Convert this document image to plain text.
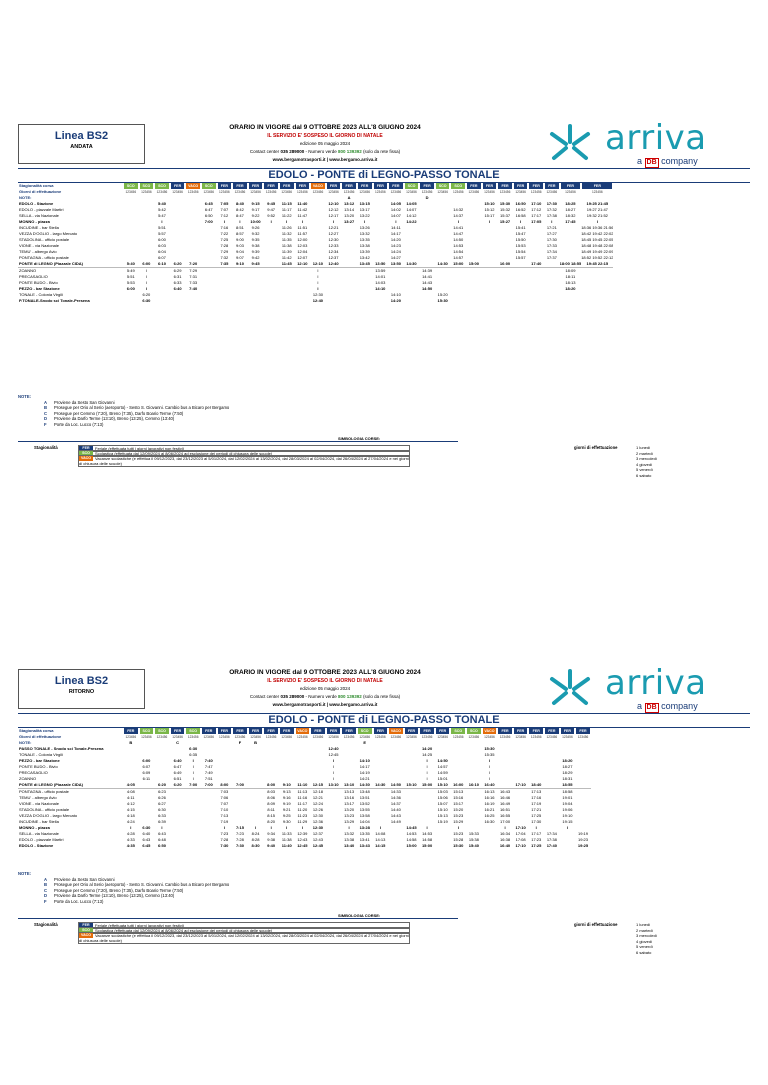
Linea BS2
ANDATA
ORARIO IN VIGORE dal 9 OTTOBRE 2023 ALL'8 GIUGNO 2024
IL SERVIZIO E' SOSPESO IL GIORNO DI NATALE
edizione 05 maggio 2024
Contact center 035 289000 - Numero verde 800 139392 (solo da rete fissa)
www.bergamotrasporti.it | www.bergamo.arriva.it
arriva
a DB company
EDOLO - PONTE di LEGNO-PASSO TONALE
Stagionalità corsa	SCO	SCO	SCO	FER	VACO	SCO	FER	FER	FER	FER	FER	FER	VACO	FER	FER	FER	FER	FER	SCO	FER	SCO	SCO	FER	FER	FER	FER	FER	FER	FER	FER

Giorni di effettuazione	123456	123456	123456	123456	123456	123456	123456	123456	123456	123456	123456	123456	123456	123456	123456	123456	123456	123456	123456	123456	123456	123456	123456	123456	123456	123456	123456	123456	123456	123456
NOTE:															A					D										
EDOLO - Stazione			5:40			6:45	7:05	8:40	9:15	9:45	11:15	11:40		12:10	13:12	13:15		14:05	14:05					15:10	15:30	16:50	17:10	17:30	18:25	19:25 21:45
EDOLO - piazzale Martiri			5:42			6:47	7:07	8:42	9:17	9:47	11:17	11:42		12:12	13:14	13:17		14:02	14:07			14:32		15:12	15:32	16:52	17:12	17:32	18:27	19:27 21:47
SELLA - via Nazionale			5:47			6:50	7:12	8:47	9:22	9:52	11:22	11:47		12:17	13:20	13:22		14:07	14:12			14:37		15:17	15:37	16:58	17:17	17:38	18:32	19:32 21:52
MONNO - piazza			I			7:00	I	I	10:00	I	I	I		I	13:27	I		I	14:22			I		I	15:27	I	17:05	I	17:45	I
INCUDINE - bar Stella			5:51				7:16	8:51	9:26		11:26	11:51		12:21		13:26		14:11				14:41				15:41		17:21		18:36 19:36 21:56
VEZZA D'OGLIO - largo Mercato			5:57				7:22	8:57	9:32		11:32	11:57		12:27		13:32		14:17				14:47				15:47		17:27		18:42 19:42 22:02
STADOLINA - ufficio postale			6:00				7:25	9:00	9:35		11:35	12:00		12:30		13:35		14:20				14:50				15:50		17:30		18:45 19:45 22:05
VIONE - via Nazionale			6:03				7:28	9:03	9:38		11:38	12:03		12:33		13:38		14:23				14:53				15:53		17:33		18:48 19:48 22:08
TEMU' - albergo Avio			6:04				7:29	9:04	9:39		11:39	12:04		12:34		13:39		14:24				14:54				15:54		17:34		18:49 19:49 22:09
PONTAGNA - ufficio postale			6:07				7:32	9:07	9:42		11:42	12:07		12:37		13:42		14:27				14:57				15:57		17:37		18:52 19:52 22:12
PONTE di LEGNO (Piazzale CIDA)	5:40	6:00	6:10	6:20	7:20		7:35	9:10	9:45		11:45	12:10	12:10	12:40		13:45	13:50	13:50	14:30		14:30	15:00	15:00		16:00		17:40		18:00 18:55	19:45 22:15
ZOANNO	5:49	I		6:29	7:29								I				13:59			14:39									18:09	
PRECASAGLIO	5:51	I		6:31	7:31								I				14:01			14:41									18:11	
PONTE BUDO - Bivio	5:53	I		6:33	7:33								I				14:03			14:43									18:13	
PEZZO - bar Stazione	6:00	I		6:40	7:40								I				14:10			14:50									18:20	
TONALE - Colonia Virgili		6:20											12:30					14:10			15:20									
P.TONALE-Snodo sci Tonale-Presena		6:30											12:40					14:20			15:30									
NOTE:
A Proviene da Sesto San Giovanni
B Prosegue per Orio al Serio (aeroporto) - Sesto S. Giovanni. Cambio bus a Bicaro per Bergamo
C Prosegue per Cemmo (7:20), Breno (7:35), Darfo Boario Terme (7:50)
D Proviene da Darfo Terme (13:10), Breno (13:25), Cemmo (13:40)
F Porte da Loc. Lucco (7:13)
SIMBOLOGIA CORSE:
Stagionalità	FER Feriale (effettuata tutti i giorni lavorativi non festivi)
SCO Scolastica (effettuata dal 12/09/2024 al 8/06/2024 ad esclusione dei periodi di chiusura delle scuole)
VACO Vacanze scolastiche (e effettua il 09/12/2023, dal 23/12/2023 al 5/01/2024, dal 12/02/2024 al 13/02/2024, dal 28/03/2024 al 02/04/2024, dal 26/04/2024 al 27/04/2024 e nei giorni di chiusura delle scuole)
giorni di effettuazione	1 lunedì
2 martedì
3 mercoledì
4 giovedì
5 venerdì
6 sabato
Linea BS2
RITORNO
ORARIO IN VIGORE dal 9 OTTOBRE 2023 ALL'8 GIUGNO 2024
IL SERVIZIO E' SOSPESO IL GIORNO DI NATALE
edizione 05 maggio 2024
Contact center 035 289000 - Numero verde 800 139392 (solo da rete fissa)
www.bergamotrasporti.it | www.bergamo.arriva.it
arriva
a DB company
EDOLO - PONTE di LEGNO-PASSO TONALE
Stagionalità corsa	FER	SCO	SCO	FER	SCO	FER	FER	FER	FER	FER	FER	VACO	FER	FER	FER	SCO	FER	VACO	FER	FER	FER	SCO	SCO	VACO	FER	FER	FER	FER	FER	FER

Giorni di effettuazione	123456	123456	123456	123456	123456	123456	123456	123456	123456	123456	123456	123456	123456	123456	123456	123456	123456	123456	123456	123456	123456	123456	123456	123456	123456	123456	123456	123456	123456	123456
NOTE:	B			C				F	B							E														
PASSO TONALE - Snodo sci Tonale-Presena					6:30									12:40						14:20				15:30						
TONALE - Colonia Virgili					6:35									12:45						14:25				15:35						
PEZZO - bar Stazione		6:00		6:40	I	7:40								I		14:10				I	14:50			I					18:20	
PONTE BUDO - Bivio		6:07		6:47	I	7:47								I		14:17				I	14:57			I					18:27	
PRECASAGLIO		6:09		6:49	I	7:49								I		14:19				I	14:59			I					18:29	
ZOANNO		6:11		6:51	I	7:51								I		14:21				I	15:01			I					18:31	
PONTE di LEGNO (Piazzale CIDA)	4:05		6:20	6:20	7:00	7:00	8:00	7:00		8:00	9:10	11:10	12:15	13:10	13:10	14:30	14:30	14:50	15:10	15:00	15:10	16:00	16:10	16:40		17:10	18:40		18:55	
PONTAGNA - ufficio postale	4:08		6:23				7:03			8:03	9:13	11:13	12:18		13:13	13:48		14:33			15:03	15:13		16:13	16:43		17:13		18:58	
TEMU' - albergo Avio	4:11		6:26				7:06			8:06	9:16	11:16	12:21		13:16	13:51		14:36			15:06	15:16		16:16	16:46		17:16		19:01	
VIONE - via Nazionale	4:12		6:27				7:07			8:09	9:19	11:17	12:24		13:17	13:52		14:37			15:07	15:17		16:19	16:49		17:19		19:04	
STADOLINA - ufficio postale	4:15		6:30				7:10			8:11	9:21	11:20	12:26		13:20	13:55		14:40			15:10	15:20		16:21	16:51		17:21		19:06	
VEZZA D'OGLIO - largo Mercato	4:18		6:33				7:13			8:15	9:25	11:23	12:30		13:23	13:58		14:43			15:13	15:23		16:25	16:55		17:25		19:10	
INCUDINE - bar Stella	4:24		6:39				7:19			8:20	9:30	11:29	12:36		13:29	14:04		14:49			15:19	15:29		16:30	17:00		17:30		19:15	
MONNO - piazza	I	6:30	I				I	7:15	I	I	I	I	12:30		I	13:28	I		14:45	I		I			I	17:10	I		I	
SELLA - via Nazionale	4:28	6:40	6:43				7:23	7:23	8:24	9:34	11:33	12:39	12:37		13:32	13:35	14:08		14:53	14:53		15:23	15:33		16:34	17:04	17:17	17:34		19:19
EDOLO - piazzale Martiri	4:33	6:43	6:48				7:28	7:28	8:28	9:38	11:38	12:43	12:43		13:38	13:41	14:13		14:58	14:58		15:28	15:38		16:38	17:08	17:23	17:38		19:23
EDOLO - Stazione	4:35	6:45	6:50				7:30	7:30	8:30	9:40	11:40	12:45	12:45		13:40	13:43	14:15		15:00	15:00		15:30	15:40		16:40	17:10	17:25	17:40		19:25
NOTE:
A Proviene da Sesto San Giovanni
B Prosegue per Orio al Serio (aeroporto) - Sesto S. Giovanni. Cambio bus a Bicaro per Bergamo
C Prosegue per Cemmo (7:20), Breno (7:35), Darfo Boario Terme (7:50)
D Proviene da Darfo Terme (13:10), Breno (13:25), Cemmo (13:40)
F Porte da Loc. Lucco (7:13)
SIMBOLOGIA CORSE:
Stagionalità	FER Feriale (effettuata tutti i giorni lavorativi non festivi)
SCO Scolastica (effettuata dal 12/09/2024 al 8/06/2024 ad esclusione dei periodi di chiusura delle scuole)
VACO Vacanze scolastiche (e effettua il 09/12/2023, dal 23/12/2023 al 5/01/2024, dal 12/02/2024 al 13/02/2024, dal 28/03/2024 al 02/04/2024, dal 26/04/2024 al 27/04/2024 e nei giorni di chiusura delle scuole)
giorni di effettuazione	1 lunedì
2 martedì
3 mercoledì
4 giovedì
5 venerdì
6 sabato
